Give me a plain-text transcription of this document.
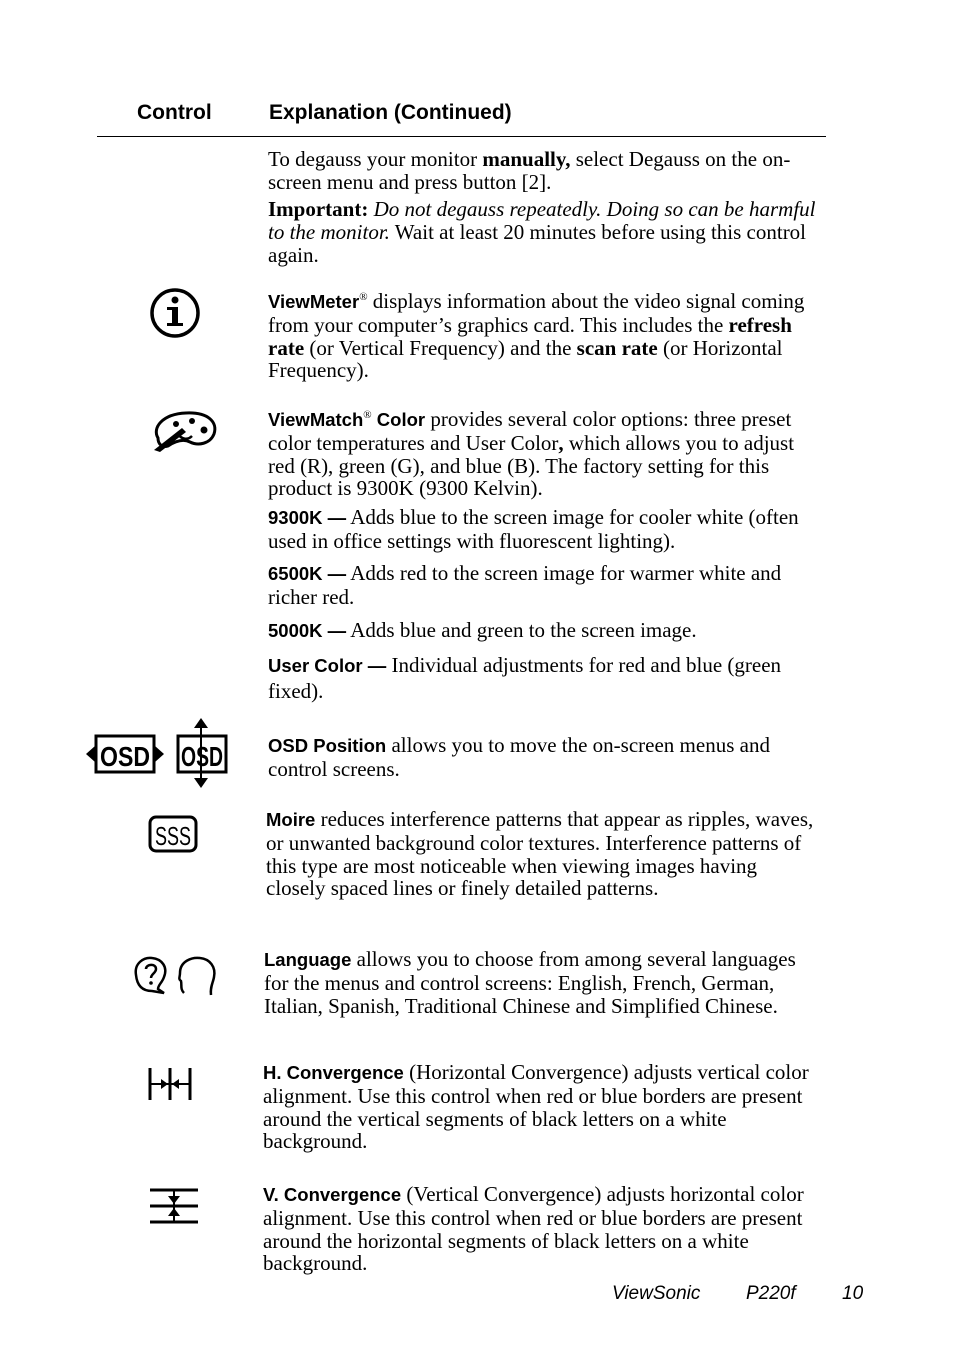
Control	Explanation (Continued)
To degauss your monitor manually, select Degauss on the on-screen menu and press button [2].
Important: Do not degauss repeatedly. Doing so can be harmful to the monitor. Wait at least 20 minutes before using this control again.
ViewMeter® displays information about the video signal coming from your computer’s graphics card. This includes the refresh rate (or Vertical Frequency) and the scan rate (or Horizontal Frequency).
ViewMatch® Color provides several color options: three preset color temperatures and User Color, which allows you to adjust red (R), green (G), and blue (B). The factory setting for this product is 9300K (9300 Kelvin).
9300K — Adds blue to the screen image for cooler white (often used in office settings with fluorescent lighting).
6500K — Adds red to the screen image for warmer white and richer red.
5000K — Adds blue and green to the screen image.
User Color — Individual adjustments for red and blue (green fixed).
OSD OSD OSD Position allows you to move the on-screen menus and control screens.
SSS
Moire reduces interference patterns that appear as ripples, waves, or unwanted background color textures. Interference patterns of this type are most noticeable when viewing images having closely spaced lines or finely detailed patterns.
Language allows you to choose from among several languages for the menus and control screens: English, French, German, Italian, Spanish, Traditional Chinese and Simplified Chinese.
H. Convergence (Horizontal Convergence) adjusts vertical color alignment. Use this control when red or blue borders are present around the vertical segments of black letters on a white background.
V. Convergence (Vertical Convergence) adjusts horizontal color alignment. Use this control when red or blue borders are present around the horizontal segments of black letters on a white background.
ViewSonic P220f 10
